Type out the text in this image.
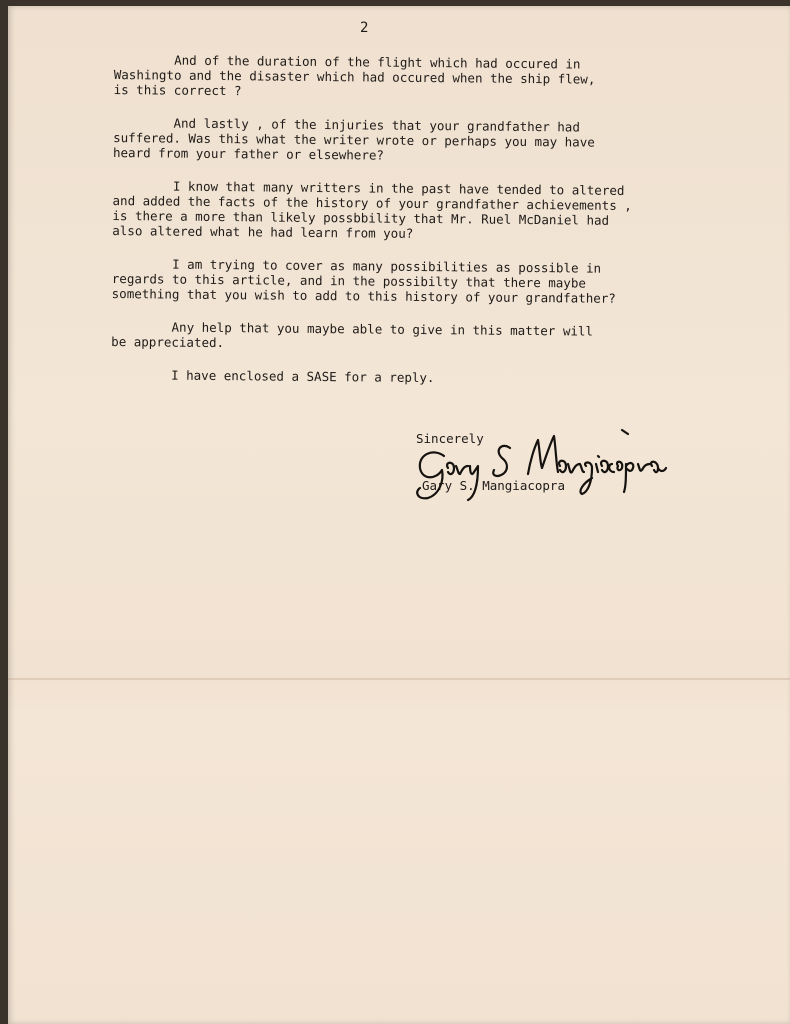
2

And of the duration of the flight which had occured in
Washingto and the disaster which had occured when the ship flew,
is this correct ?

And lastly , of the injuries that your grandfather had
suffered. Was this what the writer wrote or perhaps you may have
heard from your father or elsewhere?

I know that many writters in the past have tended to altered
and added the facts of the history of your grandfather achievements ,
is there a more than likely possbbility that Mr. Ruel McDaniel had
also altered what he had learn from you?

I am trying to cover as many possibilities as possible in
regards to this article, and in the possibilty that there maybe
something that you wish to add to this history of your grandfather?

Any help that you maybe able to give in this matter will
be appreciated.

I have enclosed a SASE for a reply.

Sincerely
Gary S. Mangiacopra
